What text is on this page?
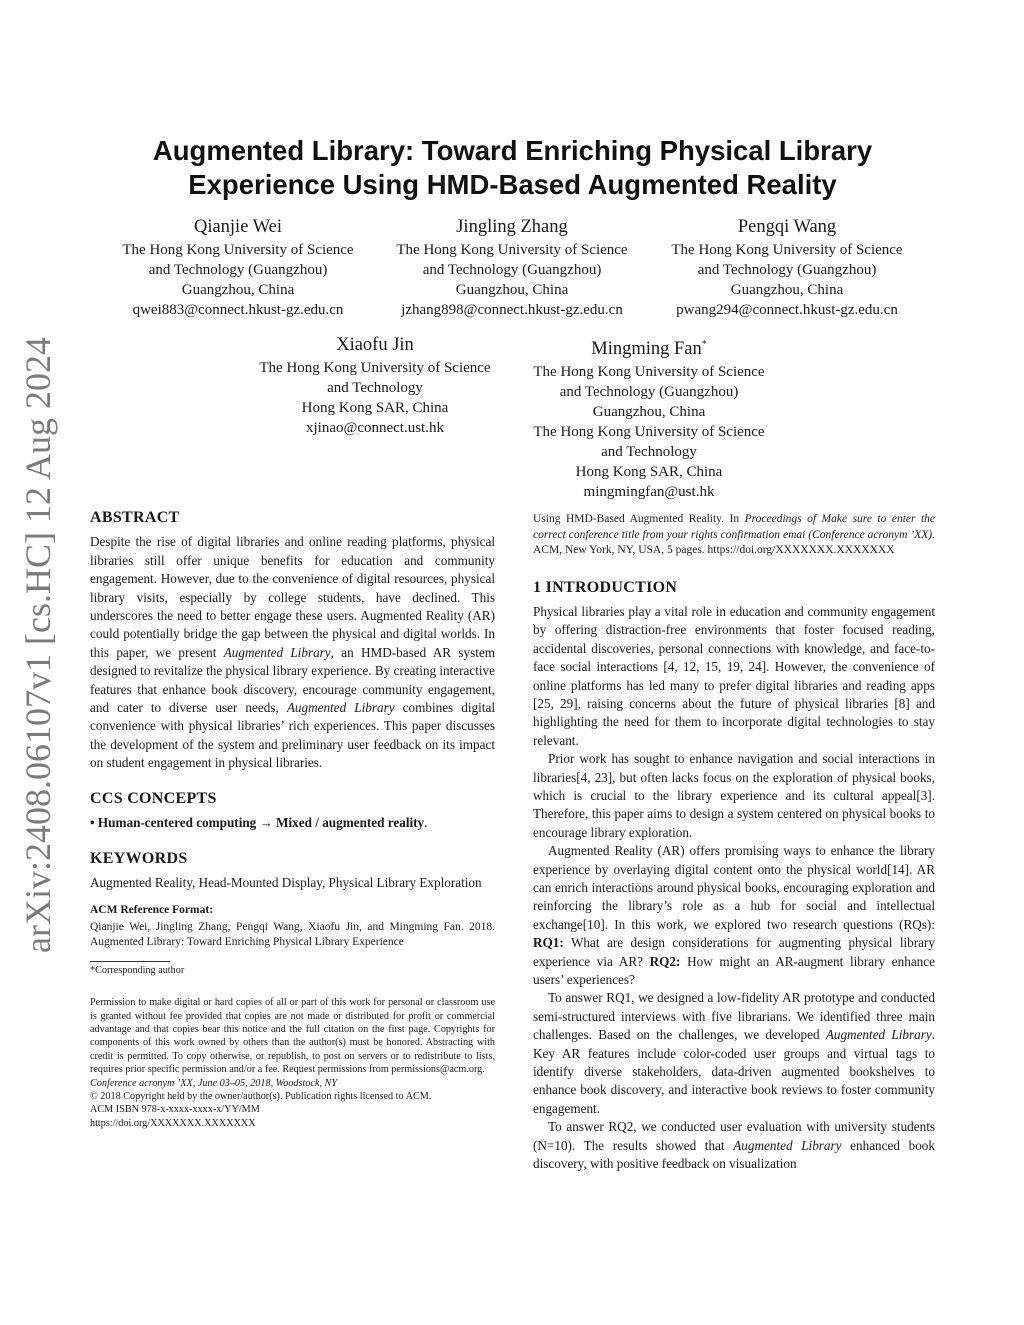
arXiv:2408.06107v1 [cs.HC] 12 Aug 2024
Augmented Library: Toward Enriching Physical Library
Experience Using HMD-Based Augmented Reality
Qianjie Wei
The Hong Kong University of Science
and Technology (Guangzhou)
Guangzhou, China
qwei883@connect.hkust-gz.edu.cn
Jingling Zhang
The Hong Kong University of Science
and Technology (Guangzhou)
Guangzhou, China
jzhang898@connect.hkust-gz.edu.cn
Pengqi Wang
The Hong Kong University of Science
and Technology (Guangzhou)
Guangzhou, China
pwang294@connect.hkust-gz.edu.cn
Xiaofu Jin
The Hong Kong University of Science
and Technology
Hong Kong SAR, China
xjinao@connect.ust.hk
Mingming Fan*
The Hong Kong University of Science
and Technology (Guangzhou)
Guangzhou, China
The Hong Kong University of Science
and Technology
Hong Kong SAR, China
mingmingfan@ust.hk
ABSTRACT

Despite the rise of digital libraries and online reading platforms, physical libraries still offer unique benefits for education and community engagement. However, due to the convenience of digital resources, physical library visits, especially by college students, have declined. This underscores the need to better engage these users. Augmented Reality (AR) could potentially bridge the gap between the physical and digital worlds. In this paper, we present Augmented Library, an HMD-based AR system designed to revitalize the physical library experience. By creating interactive features that enhance book discovery, encourage community engagement, and cater to diverse user needs, Augmented Library combines digital convenience with physical libraries’ rich experiences. This paper discusses the development of the system and preliminary user feedback on its impact on student engagement in physical libraries.

CCS CONCEPTS

• Human-centered computing → Mixed / augmented reality.

KEYWORDS

Augmented Reality, Head-Mounted Display, Physical Library Exploration

ACM Reference Format:
Qianjie Wei, Jingling Zhang, Pengqi Wang, Xiaofu Jin, and Mingming Fan. 2018. Augmented Library: Toward Enriching Physical Library Experience
*Corresponding author
Permission to make digital or hard copies of all or part of this work for personal or classroom use is granted without fee provided that copies are not made or distributed for profit or commercial advantage and that copies bear this notice and the full citation on the first page. Copyrights for components of this work owned by others than the author(s) must be honored. Abstracting with credit is permitted. To copy otherwise, or republish, to post on servers or to redistribute to lists, requires prior specific permission and/or a fee. Request permissions from permissions@acm.org.
Conference acronym ’XX, June 03–05, 2018, Woodstock, NY
© 2018 Copyright held by the owner/author(s). Publication rights licensed to ACM.
ACM ISBN 978-x-xxxx-xxxx-x/YY/MM
https://doi.org/XXXXXXX.XXXXXXX
Using HMD-Based Augmented Reality. In Proceedings of Make sure to enter the correct conference title from your rights confirmation emai (Conference acronym ’XX). ACM, New York, NY, USA, 5 pages. https://doi.org/XXXXXXX.XXXXXXX
1 INTRODUCTION

Physical libraries play a vital role in education and community engagement by offering distraction-free environments that foster focused reading, accidental discoveries, personal connections with knowledge, and face-to-face social interactions [4, 12, 15, 19, 24]. However, the convenience of online platforms has led many to prefer digital libraries and reading apps [25, 29], raising concerns about the future of physical libraries [8] and highlighting the need for them to incorporate digital technologies to stay relevant.

Prior work has sought to enhance navigation and social interactions in libraries[4, 23], but often lacks focus on the exploration of physical books, which is crucial to the library experience and its cultural appeal[3]. Therefore, this paper aims to design a system centered on physical books to encourage library exploration.

Augmented Reality (AR) offers promising ways to enhance the library experience by overlaying digital content onto the physical world[14]. AR can enrich interactions around physical books, encouraging exploration and reinforcing the library’s role as a hub for social and intellectual exchange[10]. In this work, we explored two research questions (RQs): RQ1: What are design considerations for augmenting physical library experience via AR? RQ2: How might an AR-augment library enhance users’ experiences?

To answer RQ1, we designed a low-fidelity AR prototype and conducted semi-structured interviews with five librarians. We identified three main challenges. Based on the challenges, we developed Augmented Library. Key AR features include color-coded user groups and virtual tags to identify diverse stakeholders, data-driven augmented bookshelves to enhance book discovery, and interactive book reviews to foster community engagement.

To answer RQ2, we conducted user evaluation with university students (N=10). The results showed that Augmented Library enhanced book discovery, with positive feedback on visualization
